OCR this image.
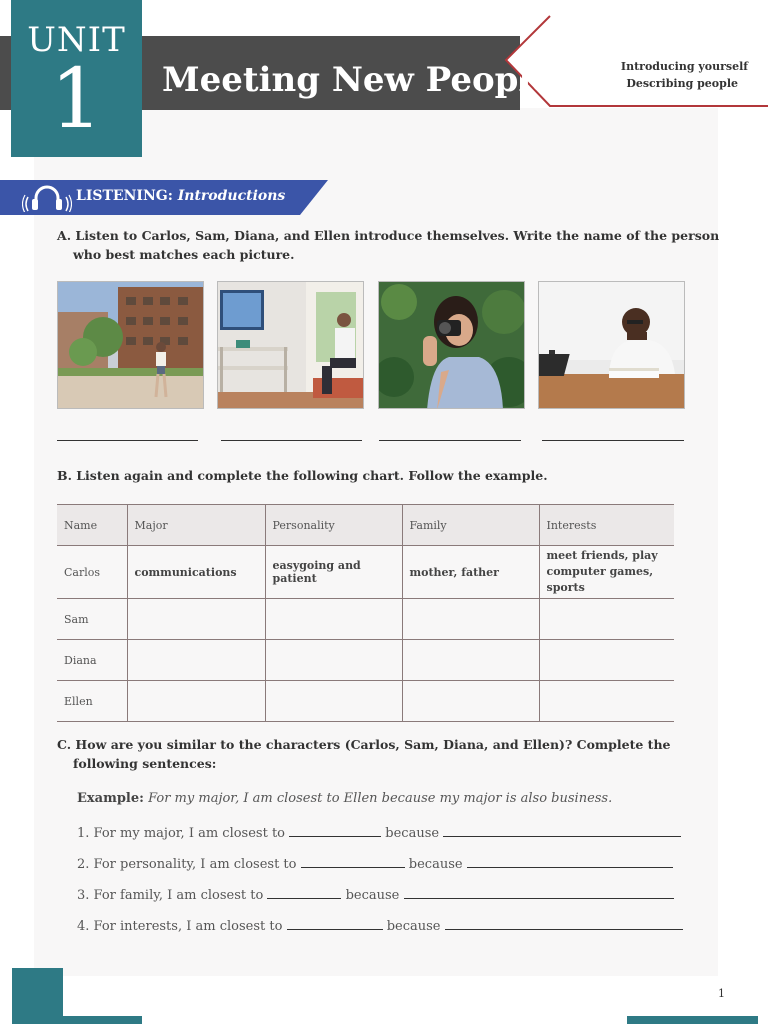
UNIT
1	Meeting New People	Introducing yourself
Describing people
LISTENING: Introductions
A. Listen to Carlos, Sam, Diana, and Ellen introduce themselves. Write the name of the person
who best matches each picture.
B. Listen again and complete the following chart. Follow the example.
Name	Major	Personality	Family	Interests
Carlos	communications	easygoing and patient	mother, father	meet friends, play computer games, sports
Sam				
Diana				
Ellen				
C. How are you similar to the characters (Carlos, Sam, Diana, and Ellen)? Complete the
following sentences:
Example: For my major, I am closest to Ellen because my major is also business.
1. For my major, I am closest to	because
2. For personality, I am closest to	because
3. For family, I am closest to	because
4. For interests, I am closest to	because
1
